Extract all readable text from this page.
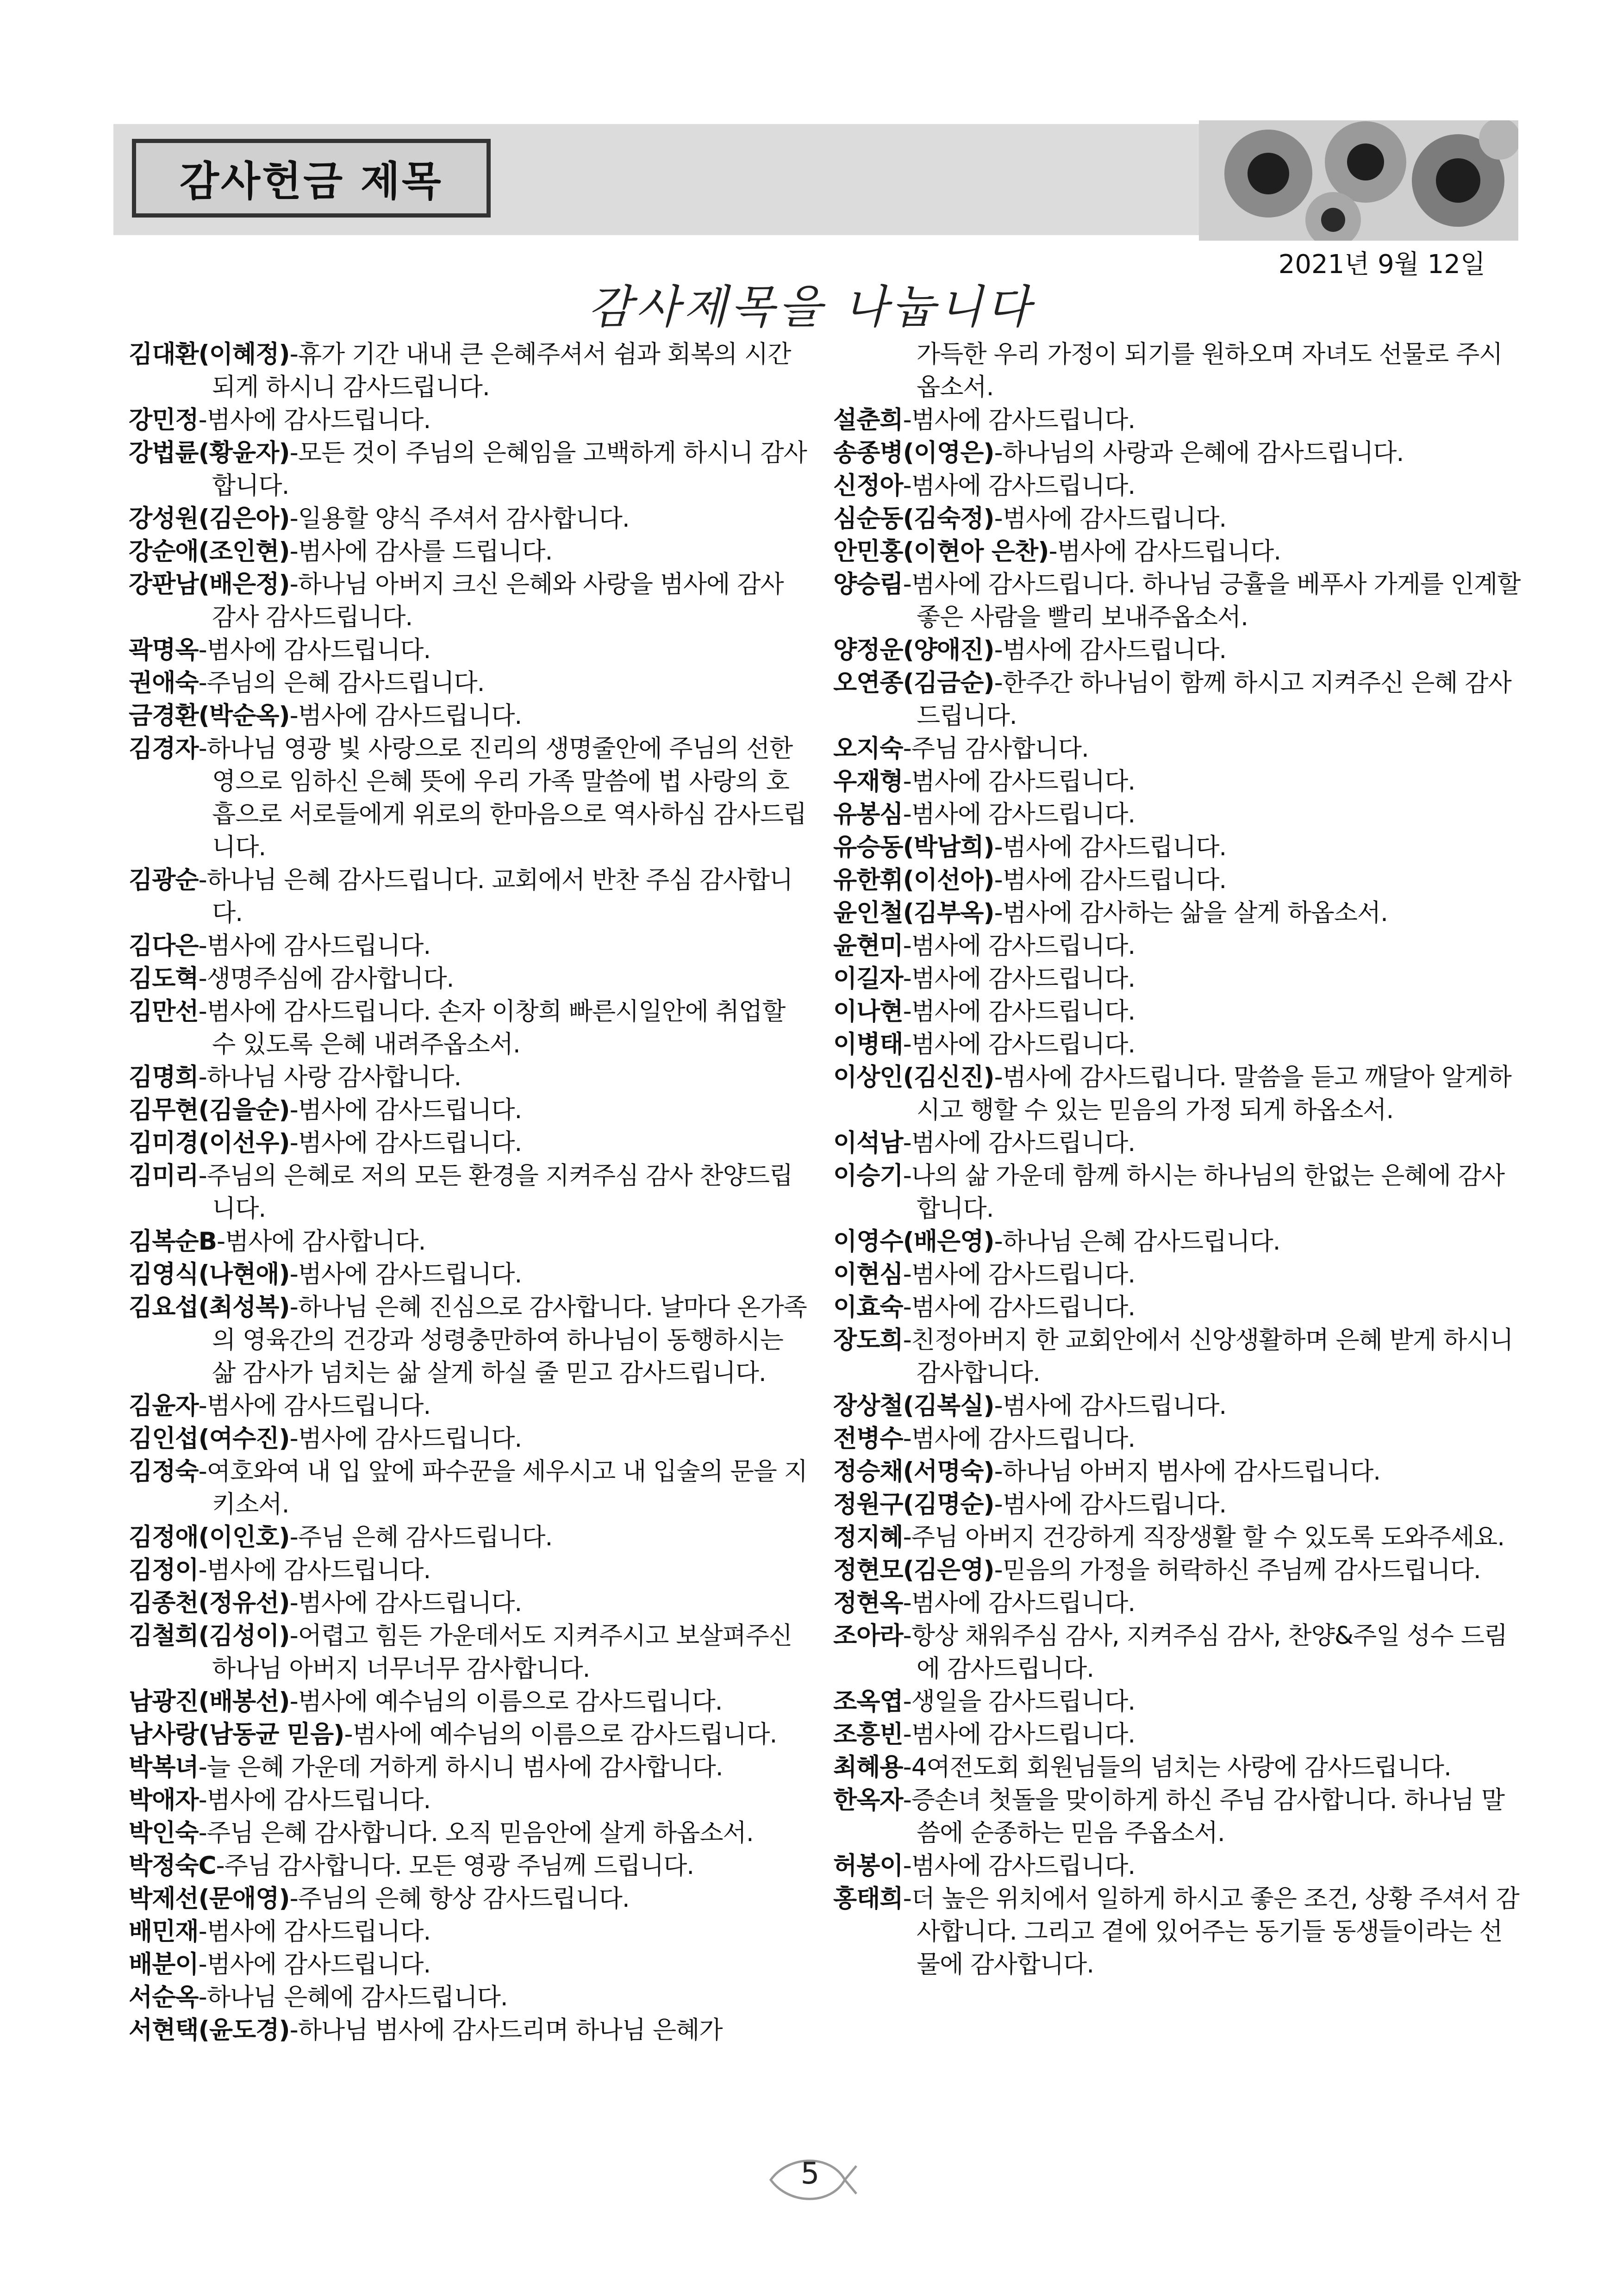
감사헌금 제목
2021년 9월 12일
감사제목을 나눕니다

김대환(이혜정)-휴가 기간 내내 큰 은혜주셔서 쉼과 회복의 시간 되게 하시니 감사드립니다.

강민정-범사에 감사드립니다.

강법륜(황윤자)-모든 것이 주님의 은혜임을 고백하게 하시니 감사합니다.

강성원(김은아)-일용할 양식 주셔서 감사합니다.

강순애(조인현)-범사에 감사를 드립니다.

강판남(배은정)-하나님 아버지 크신 은혜와 사랑을 범사에 감사 감사 감사드립니다.

곽명옥-범사에 감사드립니다.

권애숙-주님의 은혜 감사드립니다.

금경환(박순옥)-범사에 감사드립니다.

김경자-하나님 영광 빛 사랑으로 진리의 생명줄안에 주님의 선한 영으로 임하신 은혜 뜻에 우리 가족 말씀에 법 사랑의 호흡으로 서로들에게 위로의 한마음으로 역사하심 감사드립니다.

김광순-하나님 은혜 감사드립니다. 교회에서 반찬 주심 감사합니다.

김다은-범사에 감사드립니다.

김도혁-생명주심에 감사합니다.

김만선-범사에 감사드립니다. 손자 이창희 빠른시일안에 취업할 수 있도록 은혜 내려주옵소서.

김명희-하나님 사랑 감사합니다.

김무현(김을순)-범사에 감사드립니다.

김미경(이선우)-범사에 감사드립니다.

김미리-주님의 은혜로 저의 모든 환경을 지켜주심 감사 찬양드립니다.

김복순B-범사에 감사합니다.

김영식(나현애)-범사에 감사드립니다.

김요섭(최성복)-하나님 은혜 진심으로 감사합니다. 날마다 온가족의 영육간의 건강과 성령충만하여 하나님이 동행하시는 삶 감사가 넘치는 삶 살게 하실 줄 믿고 감사드립니다.

김윤자-범사에 감사드립니다.

김인섭(여수진)-범사에 감사드립니다.

김정숙-여호와여 내 입 앞에 파수꾼을 세우시고 내 입술의 문을 지키소서.

김정애(이인호)-주님 은혜 감사드립니다.

김정이-범사에 감사드립니다.

김종천(정유선)-범사에 감사드립니다.

김철희(김성이)-어렵고 힘든 가운데서도 지켜주시고 보살펴주신 하나님 아버지 너무너무 감사합니다.

남광진(배봉선)-범사에 예수님의 이름으로 감사드립니다.

남사랑(남동균 믿음)-범사에 예수님의 이름으로 감사드립니다.

박복녀-늘 은혜 가운데 거하게 하시니 범사에 감사합니다.

박애자-범사에 감사드립니다.

박인숙-주님 은혜 감사합니다. 오직 믿음안에 살게 하옵소서.

박정숙C-주님 감사합니다. 모든 영광 주님께 드립니다.

박제선(문애영)-주님의 은혜 항상 감사드립니다.

배민재-범사에 감사드립니다.

배분이-범사에 감사드립니다.

서순옥-하나님 은혜에 감사드립니다.

서현택(윤도경)-하나님 범사에 감사드리며 하나님 은혜가

가득한 우리 가정이 되기를 원하오며 자녀도 선물로 주시옵소서.

설춘희-범사에 감사드립니다.

송종병(이영은)-하나님의 사랑과 은혜에 감사드립니다.

신정아-범사에 감사드립니다.

심순동(김숙정)-범사에 감사드립니다.

안민홍(이현아 은찬)-범사에 감사드립니다.

양승림-범사에 감사드립니다. 하나님 긍휼을 베푸사 가게를 인계할 좋은 사람을 빨리 보내주옵소서.

양정운(양애진)-범사에 감사드립니다.

오연종(김금순)-한주간 하나님이 함께 하시고 지켜주신 은혜 감사드립니다.

오지숙-주님 감사합니다.

우재형-범사에 감사드립니다.

유봉심-범사에 감사드립니다.

유승동(박남희)-범사에 감사드립니다.

유한휘(이선아)-범사에 감사드립니다.

윤인철(김부옥)-범사에 감사하는 삶을 살게 하옵소서.

윤현미-범사에 감사드립니다.

이길자-범사에 감사드립니다.

이나현-범사에 감사드립니다.

이병태-범사에 감사드립니다.

이상인(김신진)-범사에 감사드립니다. 말씀을 듣고 깨달아 알게하시고 행할 수 있는 믿음의 가정 되게 하옵소서.

이석남-범사에 감사드립니다.

이승기-나의 삶 가운데 함께 하시는 하나님의 한없는 은혜에 감사합니다.

이영수(배은영)-하나님 은혜 감사드립니다.

이현심-범사에 감사드립니다.

이효숙-범사에 감사드립니다.

장도희-친정아버지 한 교회안에서 신앙생활하며 은혜 받게 하시니 감사합니다.

장상철(김복실)-범사에 감사드립니다.

전병수-범사에 감사드립니다.

정승채(서명숙)-하나님 아버지 범사에 감사드립니다.

정원구(김명순)-범사에 감사드립니다.

정지혜-주님 아버지 건강하게 직장생활 할 수 있도록 도와주세요.

정현모(김은영)-믿음의 가정을 허락하신 주님께 감사드립니다.

정현옥-범사에 감사드립니다.

조아라-항상 채워주심 감사, 지켜주심 감사, 찬양&주일 성수 드림에 감사드립니다.

조옥엽-생일을 감사드립니다.

조흥빈-범사에 감사드립니다.

최혜용-4여전도회 회원님들의 넘치는 사랑에 감사드립니다.

한옥자-증손녀 첫돌을 맞이하게 하신 주님 감사합니다. 하나님 말씀에 순종하는 믿음 주옵소서.

허봉이-범사에 감사드립니다.

홍태희-더 높은 위치에서 일하게 하시고 좋은 조건, 상황 주셔서 감사합니다. 그리고 곁에 있어주는 동기들 동생들이라는 선물에 감사합니다.

5
